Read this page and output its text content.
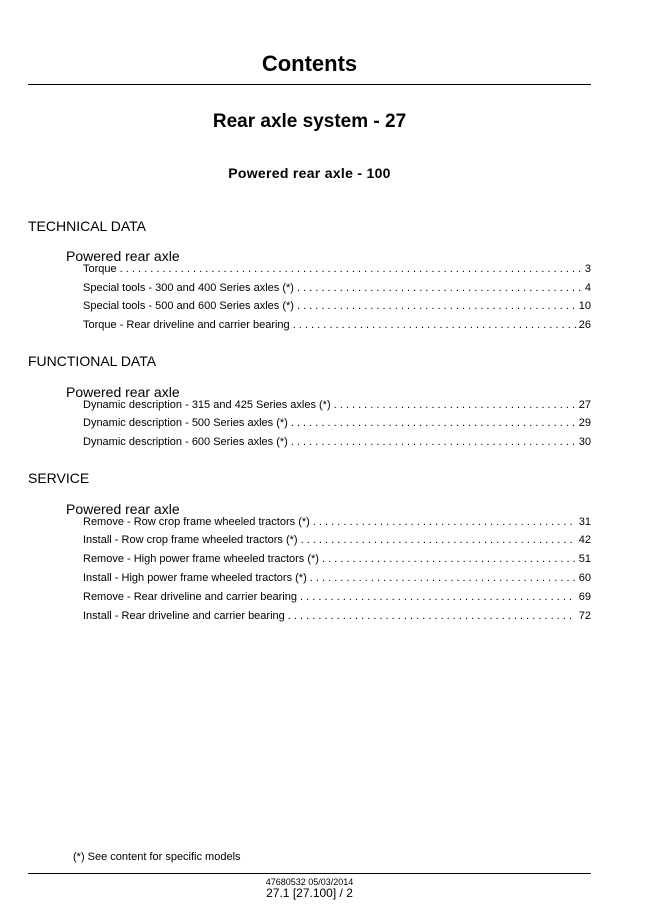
Contents
Rear axle system - 27
Powered rear axle - 100
TECHNICAL DATA
Powered rear axle
Torque . . .	3
Special tools - 300 and 400 Series axles (*) . . .	4
Special tools - 500 and 600 Series axles (*) . . .	10
Torque - Rear driveline and carrier bearing . . .	26
FUNCTIONAL DATA
Powered rear axle
Dynamic description - 315 and 425 Series axles (*) . . .	27
Dynamic description - 500 Series axles (*) . . .	29
Dynamic description - 600 Series axles (*) . . .	30
SERVICE
Powered rear axle
Remove - Row crop frame wheeled tractors (*) . . .	31
Install - Row crop frame wheeled tractors (*) . . .	42
Remove - High power frame wheeled tractors (*) . . .	51
Install - High power frame wheeled tractors (*) . . .	60
Remove - Rear driveline and carrier bearing . . .	69
Install - Rear driveline and carrier bearing . . .	72
(*) See content for specific models
47680532 05/03/2014
27.1 [27.100] / 2
